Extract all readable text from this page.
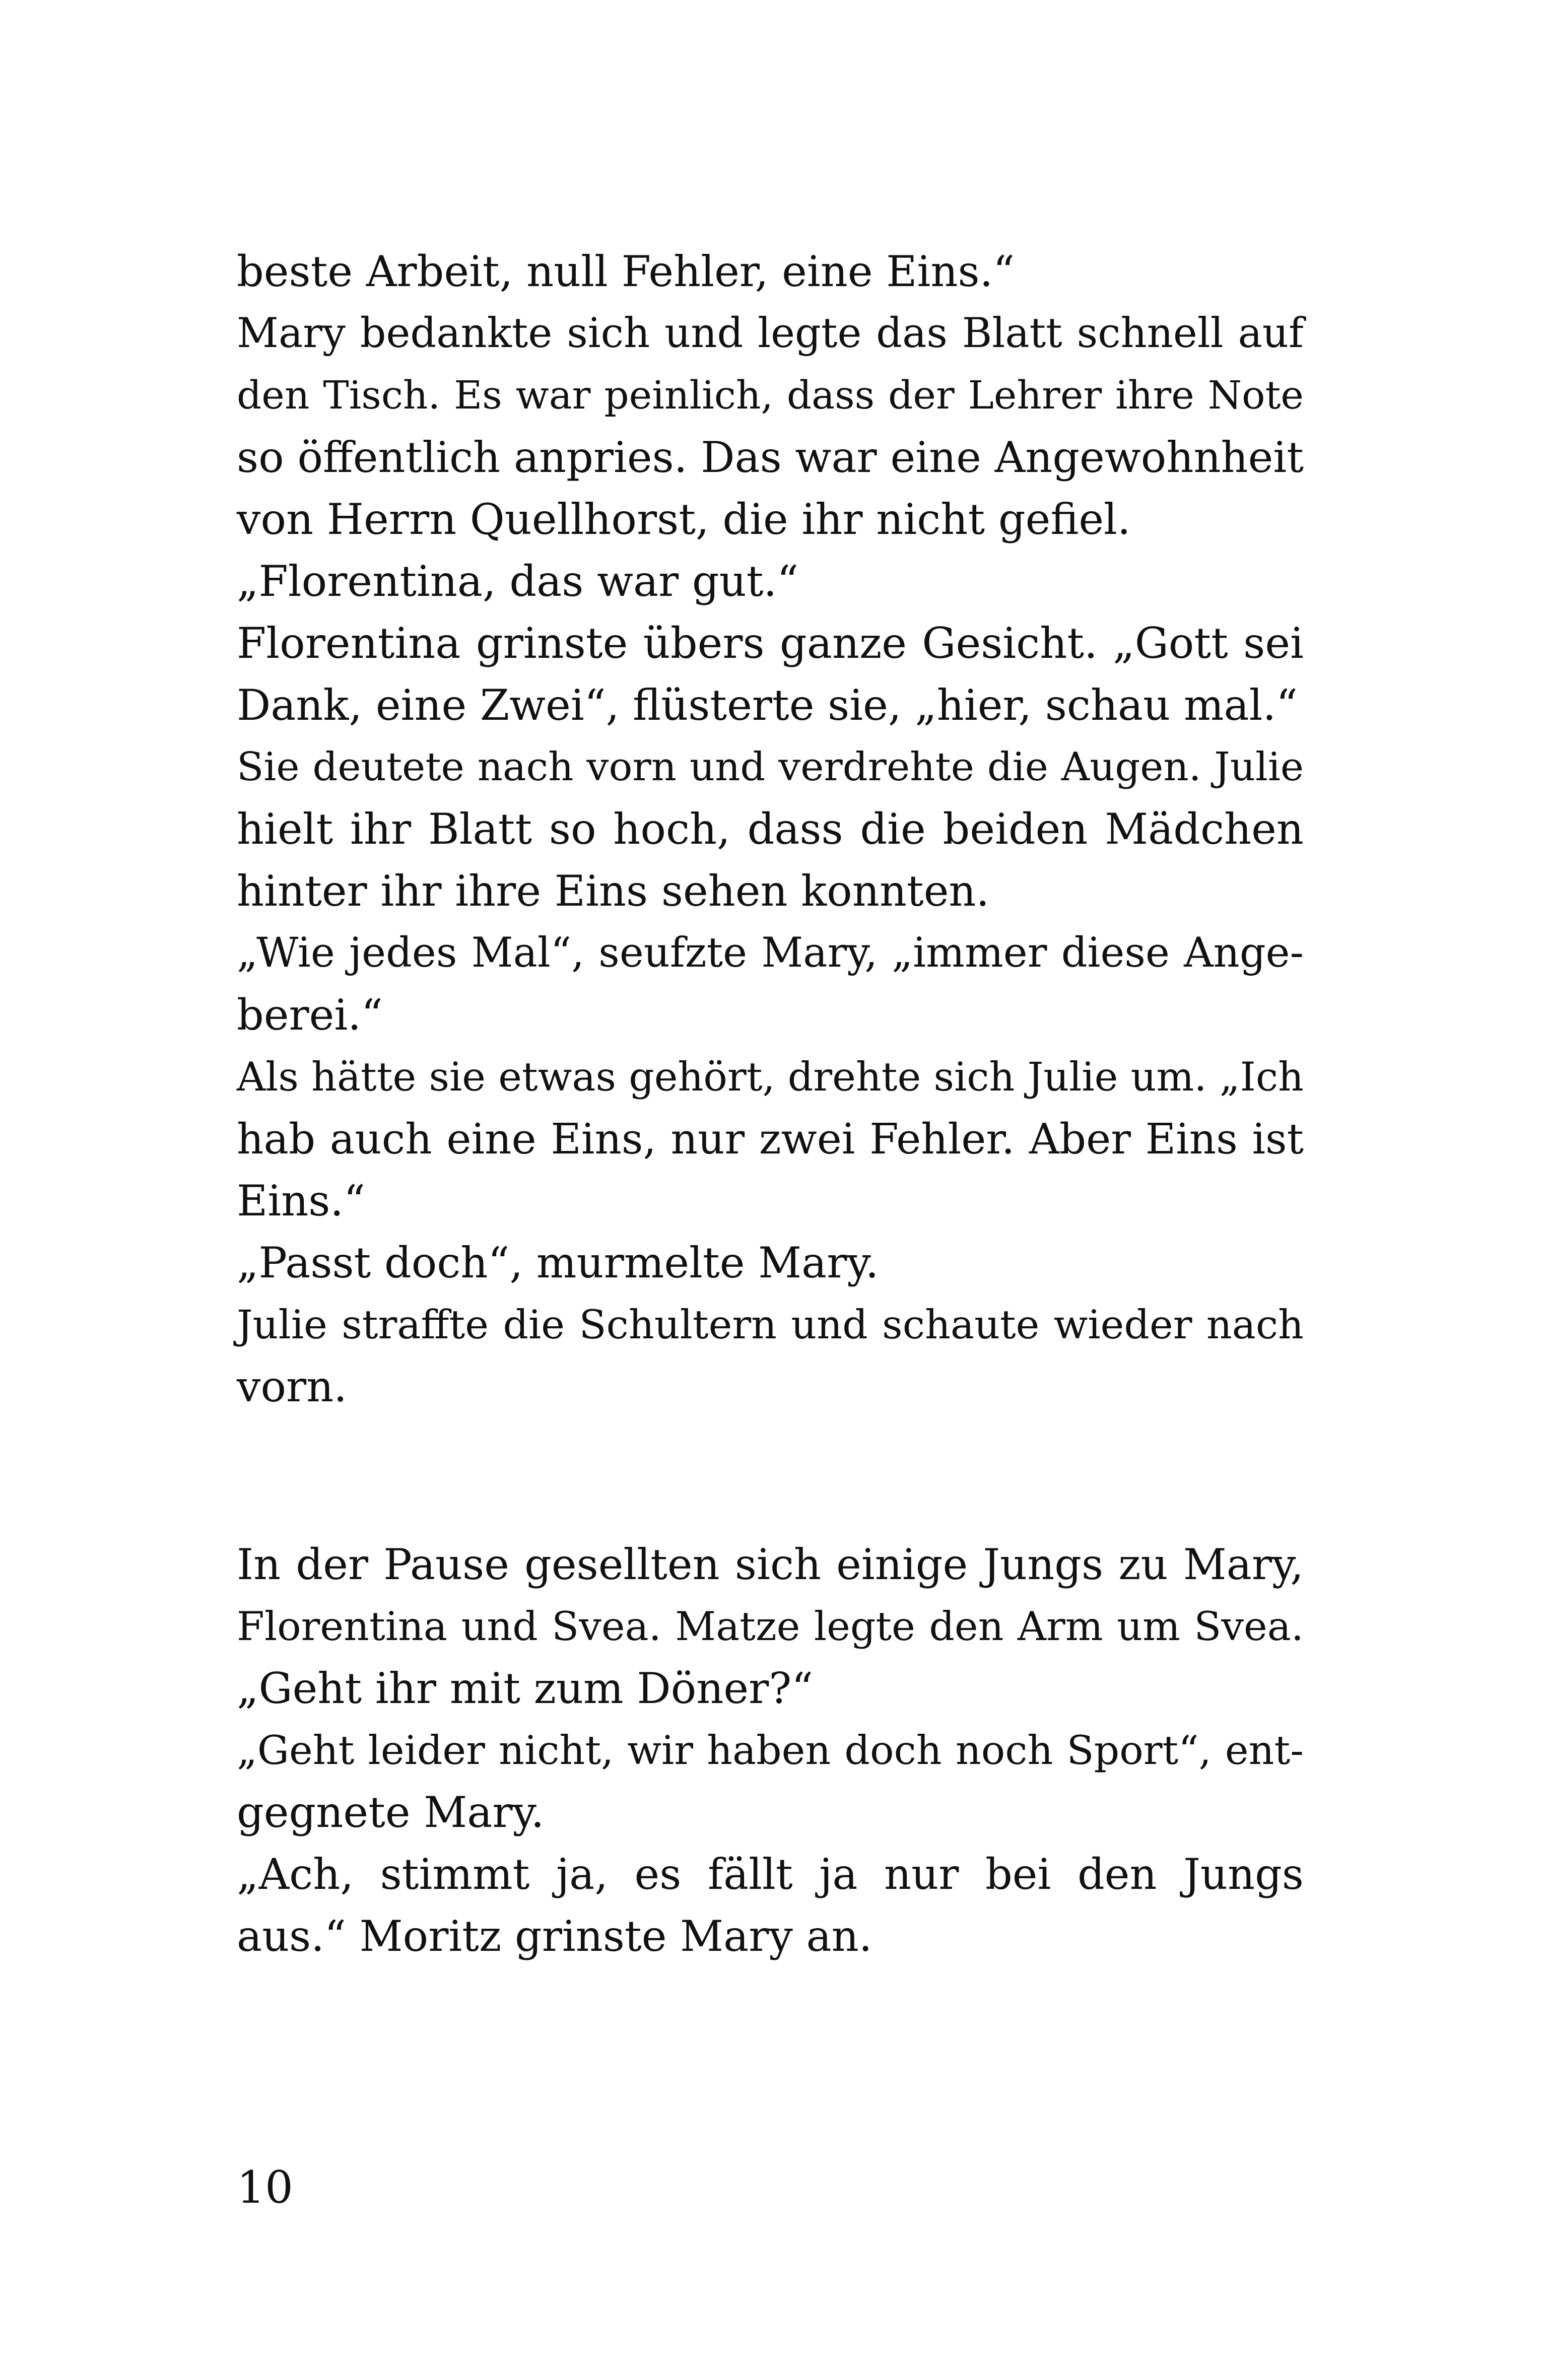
beste Arbeit, null Fehler, eine Eins.“
Mary bedankte sich und legte das Blatt schnell auf
den Tisch. Es war peinlich, dass der Lehrer ihre Note
so öffentlich anpries. Das war eine Angewohnheit
von Herrn Quellhorst, die ihr nicht gefiel.
„Florentina, das war gut.“
Florentina grinste übers ganze Gesicht. „Gott sei
Dank, eine Zwei“, flüsterte sie, „hier, schau mal.“
Sie deutete nach vorn und verdrehte die Augen. Julie
hielt ihr Blatt so hoch, dass die beiden Mädchen
hinter ihr ihre Eins sehen konnten.
„Wie jedes Mal“, seufzte Mary, „immer diese Ange-
berei.“
Als hätte sie etwas gehört, drehte sich Julie um. „Ich
hab auch eine Eins, nur zwei Fehler. Aber Eins ist
Eins.“
„Passt doch“, murmelte Mary.
Julie straffte die Schultern und schaute wieder nach
vorn.
In der Pause gesellten sich einige Jungs zu Mary,
Florentina und Svea. Matze legte den Arm um Svea.
„Geht ihr mit zum Döner?“
„Geht leider nicht, wir haben doch noch Sport“, ent-
gegnete Mary.
„Ach, stimmt ja, es fällt ja nur bei den Jungs
aus.“ Moritz grinste Mary an.
10
